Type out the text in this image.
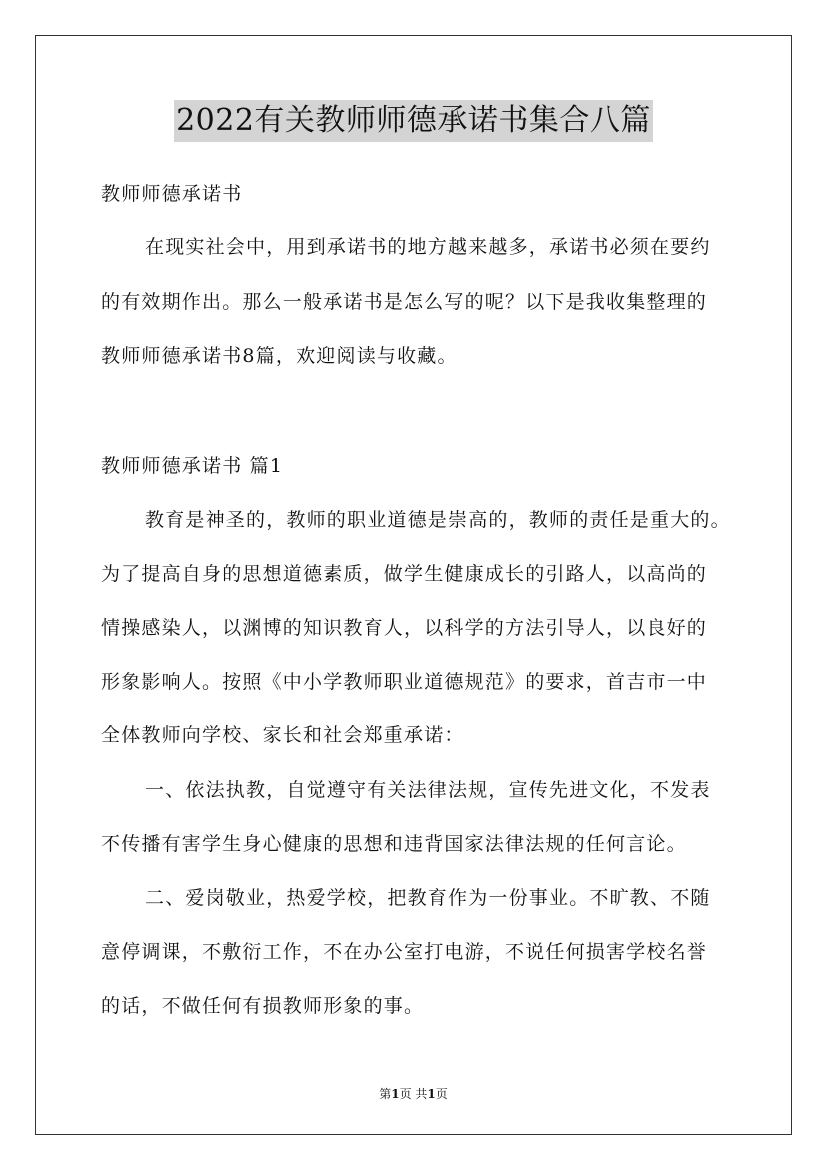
2022有关教师师德承诺书集合八篇
教师师德承诺书
在现实社会中，用到承诺书的地方越来越多，承诺书必须在要约
的有效期作出。那么一般承诺书是怎么写的呢？以下是我收集整理的
教师师德承诺书8篇，欢迎阅读与收藏。
教师师德承诺书 篇1
教育是神圣的，教师的职业道德是崇高的，教师的责任是重大的。
为了提高自身的思想道德素质，做学生健康成长的引路人，以高尚的
情操感染人，以渊博的知识教育人，以科学的方法引导人，以良好的
形象影响人。按照《中小学教师职业道德规范》的要求，首吉市一中
全体教师向学校、家长和社会郑重承诺：
一、依法执教，自觉遵守有关法律法规，宣传先进文化，不发表
不传播有害学生身心健康的思想和违背国家法律法规的任何言论。
二、爱岗敬业，热爱学校，把教育作为一份事业。不旷教、不随
意停调课，不敷衍工作，不在办公室打电游，不说任何损害学校名誉
的话，不做任何有损教师形象的事。
第1页 共1页
